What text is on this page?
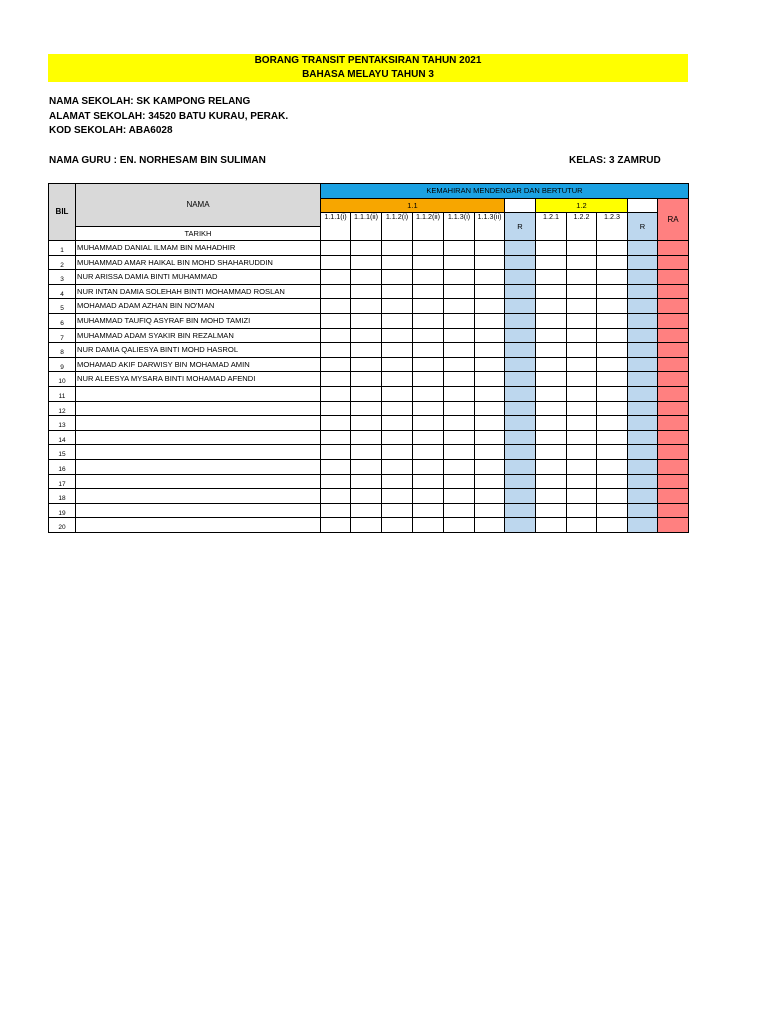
BORANG TRANSIT PENTAKSIRAN TAHUN 2021
BAHASA MELAYU TAHUN 3
NAMA SEKOLAH: SK KAMPONG RELANG
ALAMAT SEKOLAH: 34520 BATU KURAU, PERAK.
KOD SEKOLAH: ABA6028
NAMA GURU : EN. NORHESAM BIN SULIMAN	KELAS: 3 ZAMRUD
BIL	NAMA	KEMAHIRAN MENDENGAR DAN BERTUTUR											
		1.1							1.2				RA
		1.1.1(i)	1.1.1(ii)	1.1.2(i)	1.1.2(ii)	1.1.3(i)	1.1.3(ii)	R	1.2.1	1.2.2	1.2.3	R	
	TARIKH												
1	MUHAMMAD DANIAL ILMAM BIN MAHADHIR												
2	MUHAMMAD AMAR HAIKAL BIN MOHD SHAHARUDDIN												
3	NUR ARISSA DAMIA BINTI MUHAMMAD												
4	NUR INTAN DAMIA SOLEHAH BINTI MOHAMMAD ROSLAN												
5	MOHAMAD ADAM AZHAN BIN NO'MAN												
6	MUHAMMAD TAUFIQ ASYRAF BIN MOHD TAMIZI												
7	MUHAMMAD ADAM SYAKIR BIN REZALMAN												
8	NUR DAMIA QALIESYA BINTI MOHD HASROL												
9	MOHAMAD AKIF DARWISY BIN MOHAMAD AMIN												
10	NUR ALEESYA MYSARA BINTI MOHAMAD AFENDI												
11													
12													
13													
14													
15													
16													
17													
18													
19													
20													
